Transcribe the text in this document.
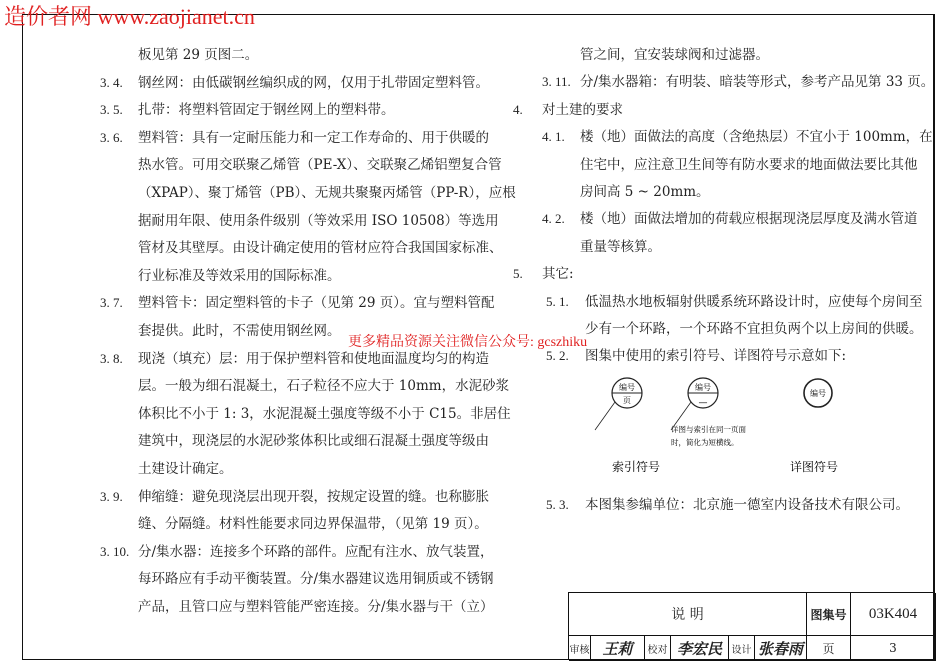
造价者网 www.zaojianet.cn
板见第 29 页图二。
3. 4. 钢丝网：由低碳钢丝编织成的网，仅用于扎带固定塑料管。
3. 5. 扎带：将塑料管固定于钢丝网上的塑料带。
3. 6. 塑料管：具有一定耐压能力和一定工作寿命的、用于供暖的
热水管。可用交联聚乙烯管（PE-X）、交联聚乙烯铝塑复合管
（XPAP）、聚丁烯管（PB）、无规共聚聚丙烯管（PP-R），应根
据耐用年限、使用条件级别（等效采用 ISO 10508）等选用
管材及其壁厚。由设计确定使用的管材应符合我国国家标准、
行业标准及等效采用的国际标准。
3. 7. 塑料管卡：固定塑料管的卡子（见第 29 页）。宜与塑料管配
套提供。此时，不需使用钢丝网。
3. 8. 现浇（填充）层：用于保护塑料管和使地面温度均匀的构造
层。一般为细石混凝土，石子粒径不应大于 10mm，水泥砂浆
体积比不小于 1: 3，水泥混凝土强度等级不小于 C15。非居住
建筑中，现浇层的水泥砂浆体积比或细石混凝土强度等级由
土建设计确定。
3. 9. 伸缩缝：避免现浇层出现开裂，按规定设置的缝。也称膨胀
缝、分隔缝。材料性能要求同边界保温带，（见第 19 页）。
3. 10. 分/集水器：连接多个环路的部件。应配有注水、放气装置，
每环路应有手动平衡装置。分/集水器建议选用铜质或不锈钢
产品，且管口应与塑料管能严密连接。分/集水器与干（立）
管之间，宜安装球阀和过滤器。
3. 11. 分/集水器箱：有明装、暗装等形式，参考产品见第 33 页。
4. 对土建的要求
4. 1. 楼（地）面做法的高度（含绝热层）不宜小于 100mm，在
住宅中，应注意卫生间等有防水要求的地面做法要比其他
房间高 5 ~ 20mm。
4. 2. 楼（地）面做法增加的荷载应根据现浇层厚度及满水管道
重量等核算。
5. 其它:
5. 1. 低温热水地板辐射供暖系统环路设计时，应使每个房间至
少有一个环路，一个环路不宜担负两个以上房间的供暖。
5. 2. 图集中使用的索引符号、详图符号示意如下:
更多精品资源关注微信公众号: gcszhiku
编号
页
编号
—
编号
详图与索引在同一页面
时，简化为短横线。
索引符号	详图符号
5. 3. 本图集参编单位：北京施一德室内设备技术有限公司。
说 明	图集号	03K404
审核 王莉	校对 李宏民 设计 张春雨	页	3
